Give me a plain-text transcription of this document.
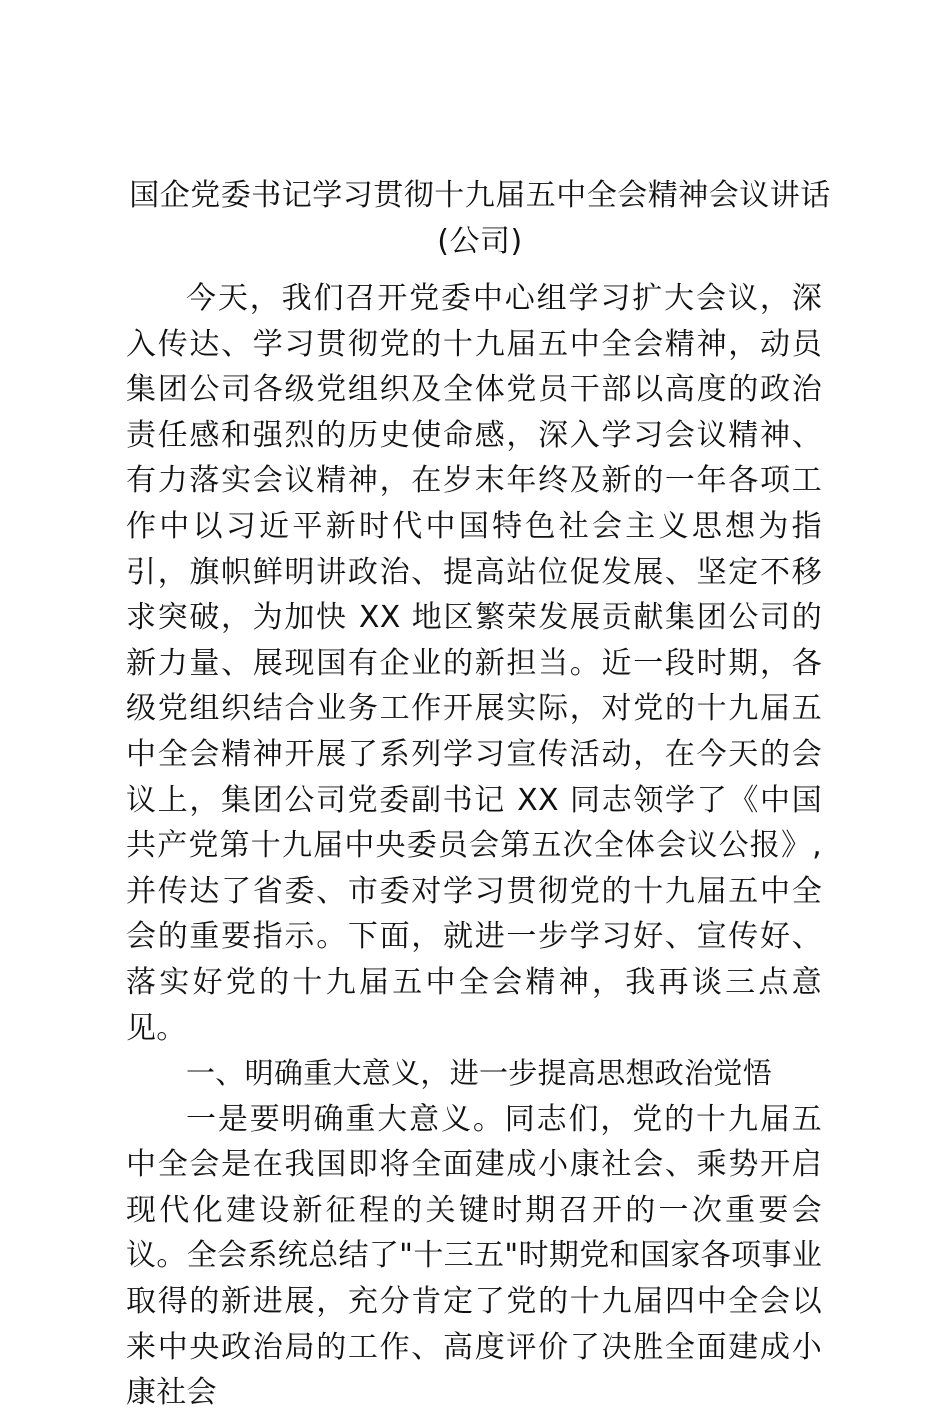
国企党委书记学习贯彻十九届五中全会精神会议讲话(公司)

今天，我们召开党委中心组学习扩大会议，深入传达、学习贯彻党的十九届五中全会精神，动员集团公司各级党组织及全体党员干部以高度的政治责任感和强烈的历史使命感，深入学习会议精神、有力落实会议精神，在岁末年终及新的一年各项工作中以习近平新时代中国特色社会主义思想为指引，旗帜鲜明讲政治、提高站位促发展、坚定不移求突破，为加快 XX 地区繁荣发展贡献集团公司的新力量、展现国有企业的新担当。近一段时期，各级党组织结合业务工作开展实际，对党的十九届五中全会精神开展了系列学习宣传活动，在今天的会议上，集团公司党委副书记 XX 同志领学了《中国共产党第十九届中央委员会第五次全体会议公报》,并传达了省委、市委对学习贯彻党的十九届五中全会的重要指示。下面，就进一步学习好、宣传好、落实好党的十九届五中全会精神，我再谈三点意见。

一、明确重大意义，进一步提高思想政治觉悟

一是要明确重大意义。同志们，党的十九届五中全会是在我国即将全面建成小康社会、乘势开启现代化建设新征程的关键时期召开的一次重要会议。全会系统总结了"十三五"时期党和国家各项事业取得的新进展，充分肯定了党的十九届四中全会以来中央政治局的工作、高度评价了决胜全面建成小康社会
